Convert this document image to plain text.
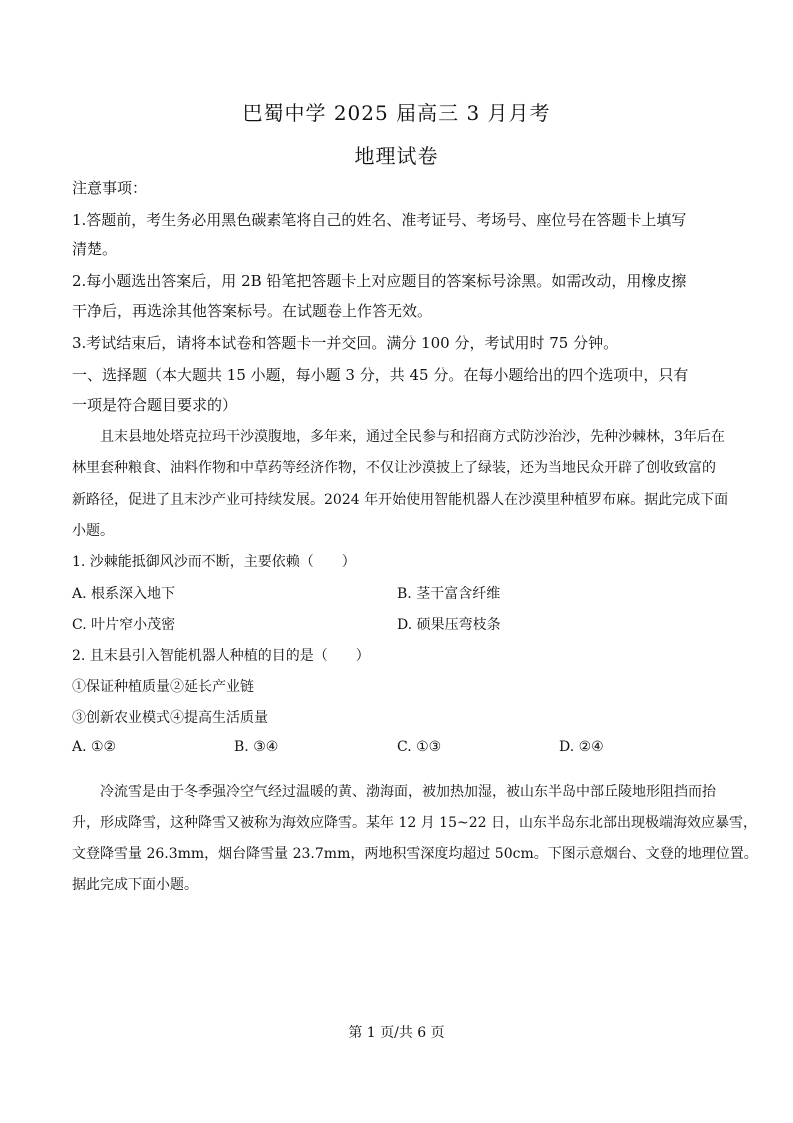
巴蜀中学 2025 届高三 3 月月考
地理试卷
注意事项：
1.答题前，考生务必用黑色碳素笔将自己的姓名、准考证号、考场号、座位号在答题卡上填写
清楚。
2.每小题选出答案后，用 2B 铅笔把答题卡上对应题目的答案标号涂黑。如需改动，用橡皮擦
干净后，再选涂其他答案标号。在试题卷上作答无效。
3.考试结束后，请将本试卷和答题卡一并交回。满分 100 分，考试用时 75 分钟。
一、选择题（本大题共 15 小题，每小题 3 分，共 45 分。在每小题给出的四个选项中，只有
一项是符合题目要求的）
且末县地处塔克拉玛干沙漠腹地，多年来，通过全民参与和招商方式防沙治沙，先种沙棘林，3年后在
林里套种粮食、油料作物和中草药等经济作物，不仅让沙漠披上了绿装，还为当地民众开辟了创收致富的
新路径，促进了且末沙产业可持续发展。2024 年开始使用智能机器人在沙漠里种植罗布麻。据此完成下面
小题。
1. 沙棘能抵御风沙而不断，主要依赖（　　）
A. 根系深入地下	B. 茎干富含纤维
C. 叶片窄小茂密	D. 硕果压弯枝条
2. 且末县引入智能机器人种植的目的是（　　）
①保证种植质量②延长产业链
③创新农业模式④提高生活质量
A. ①②	B. ③④	C. ①③	D. ②④
冷流雪是由于冬季强冷空气经过温暖的黄、渤海面，被加热加湿，被山东半岛中部丘陵地形阻挡而抬
升，形成降雪，这种降雪又被称为海效应降雪。某年 12 月 15~22 日，山东半岛东北部出现极端海效应暴雪，
文登降雪量 26.3mm，烟台降雪量 23.7mm，两地积雪深度均超过 50cm。下图示意烟台、文登的地理位置。
据此完成下面小题。
第 1 页/共 6 页
